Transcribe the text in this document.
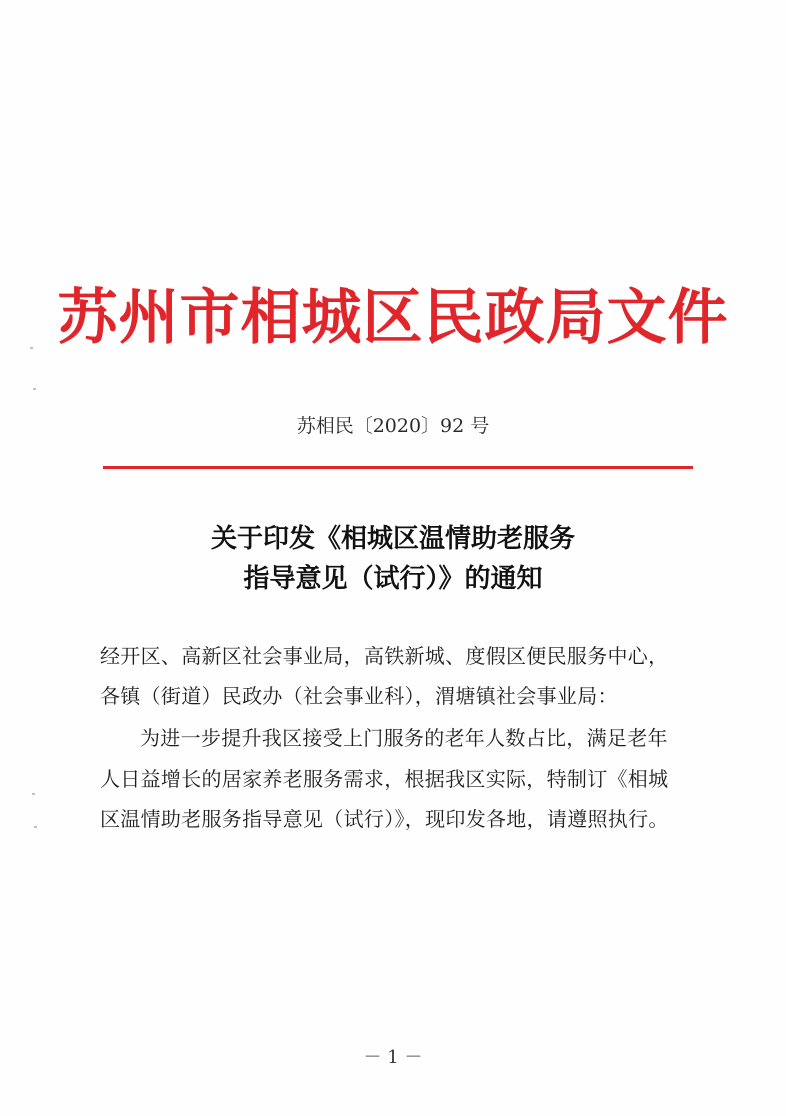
苏州市相城区民政局文件
苏相民〔2020〕92 号
关于印发《相城区温情助老服务
指导意见（试行）》的通知
经开区、高新区社会事业局，高铁新城、度假区便民服务中心，
各镇（街道）民政办（社会事业科），渭塘镇社会事业局：
为进一步提升我区接受上门服务的老年人数占比，满足老年
人日益增长的居家养老服务需求，根据我区实际，特制订《相城
区温情助老服务指导意见（试行）》，现印发各地，请遵照执行。
－ 1 －
